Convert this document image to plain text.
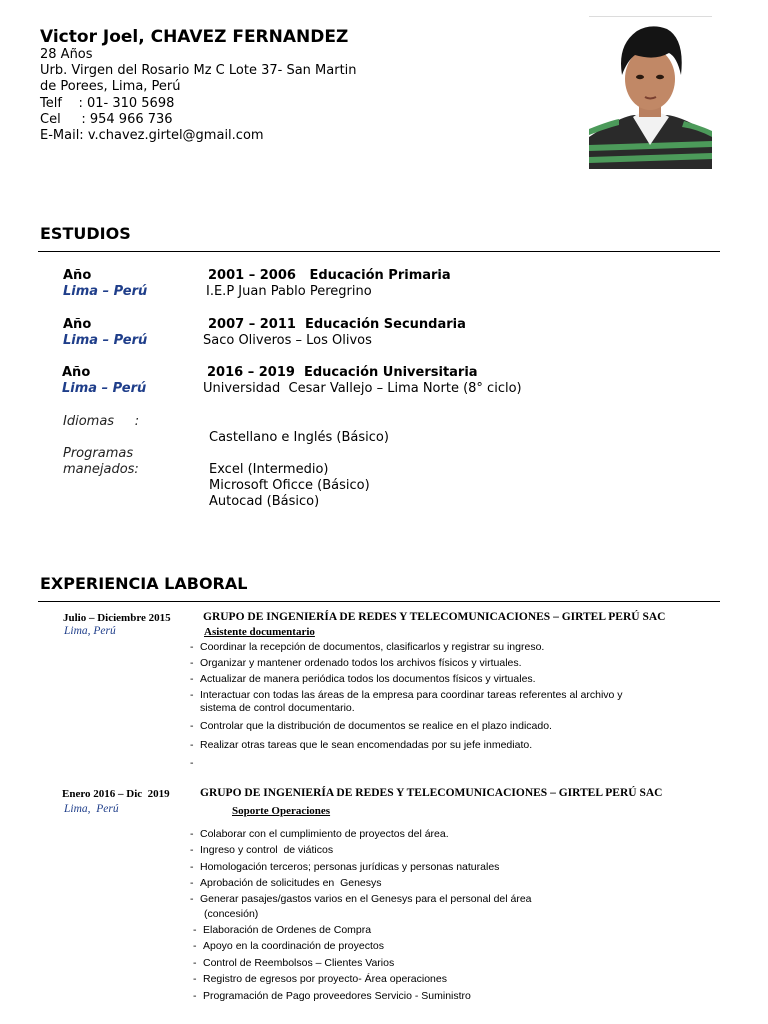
Victor Joel, CHAVEZ FERNANDEZ
28 Años
Urb. Virgen del Rosario Mz C Lote 37- San Martin
de Porees, Lima, Perú
Telf    : 01- 310 5698
Cel     : 954 966 736
E-Mail: v.chavez.girtel@gmail.com
ESTUDIOS
Año	2001 – 2006 Educación Primaria
Lima – Perú	I.E.P Juan Pablo Peregrino
Año	2007 – 2011 Educación Secundaria
Lima – Perú	Saco Oliveros – Los Olivos
Año	2016 – 2019 Educación Universitaria
Lima – Perú	Universidad  Cesar Vallejo – Lima Norte (8° ciclo)
Idiomas     :
Castellano e Inglés (Básico)
Programas
manejados:	Excel (Intermedio)
Microsoft Oficce (Básico)
Autocad (Básico)
EXPERIENCIA LABORAL
Julio – Diciembre 2015	GRUPO DE INGENIERÍA DE REDES Y TELECOMUNICACIONES – GIRTEL PERÚ SAC
Lima, Perú	Asistente documentario
- Coordinar la recepción de documentos, clasificarlos y registrar su ingreso.
- Organizar y mantener ordenado todos los archivos físicos y virtuales.
- Actualizar de manera periódica todos los documentos físicos y virtuales.
- Interactuar con todas las áreas de la empresa para coordinar tareas referentes al archivo y
sistema de control documentario.
- Controlar que la distribución de documentos se realice en el plazo indicado.
- Realizar otras tareas que le sean encomendadas por su jefe inmediato.
-
Enero 2016 – Dic  2019	GRUPO DE INGENIERÍA DE REDES Y TELECOMUNICACIONES – GIRTEL PERÚ SAC
Lima,  Perú	Soporte Operaciones
- Colaborar con el cumplimiento de proyectos del área.
- Ingreso y control  de viáticos
- Homologación terceros; personas jurídicas y personas naturales
- Aprobación de solicitudes en  Genesys
- Generar pasajes/gastos varios en el Genesys para el personal del área
(concesión)
- Elaboración de Ordenes de Compra
- Apoyo en la coordinación de proyectos
- Control de Reembolsos – Clientes Varios
- Registro de egresos por proyecto- Área operaciones
- Programación de Pago proveedores Servicio - Suministro
